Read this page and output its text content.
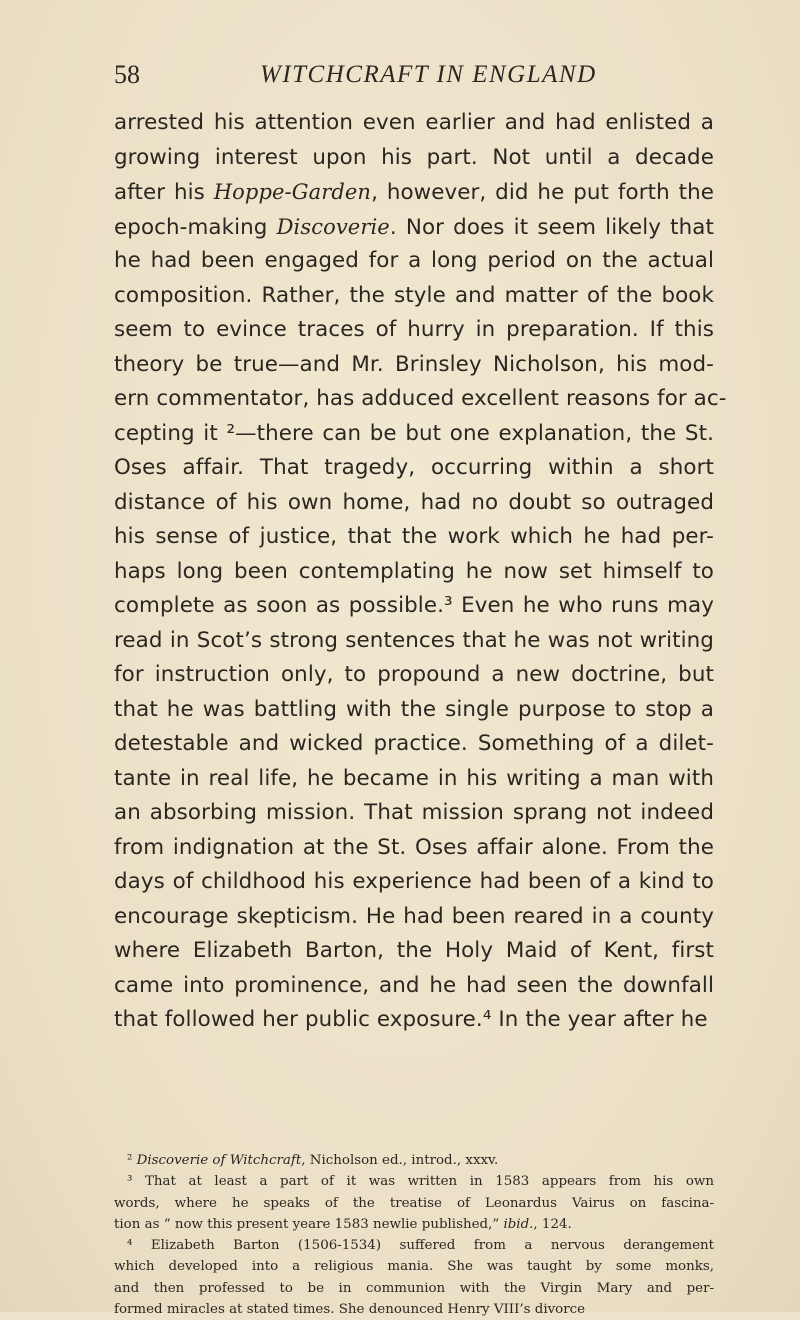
58	WITCHCRAFT IN ENGLAND
arrested his attention even earlier and had enlisted a
growing interest upon his part. Not until a decade
after his Hoppe-Garden, however, did he put forth the
epoch-making Discoverie. Nor does it seem likely that
he had been engaged for a long period on the actual
composition. Rather, the style and matter of the book
seem to evince traces of hurry in preparation. If this
theory be true—and Mr. Brinsley Nicholson, his mod-
ern commentator, has adduced excellent reasons for ac-
cepting it ²—there can be but one explanation, the St.
Oses affair. That tragedy, occurring within a short
distance of his own home, had no doubt so outraged
his sense of justice, that the work which he had per-
haps long been contemplating he now set himself to
complete as soon as possible.³ Even he who runs may
read in Scot’s strong sentences that he was not writing
for instruction only, to propound a new doctrine, but
that he was battling with the single purpose to stop a
detestable and wicked practice. Something of a dilet-
tante in real life, he became in his writing a man with
an absorbing mission. That mission sprang not indeed
from indignation at the St. Oses affair alone. From the
days of childhood his experience had been of a kind to
encourage skepticism. He had been reared in a county
where Elizabeth Barton, the Holy Maid of Kent, first
came into prominence, and he had seen the downfall
that followed her public exposure.⁴ In the year after he
² Discoverie of Witchcraft, Nicholson ed., introd., xxxv.
³ That at least a part of it was written in 1583 appears from his own
words, where he speaks of the treatise of Leonardus Vairus on fascina-
tion as “ now this present yeare 1583 newlie published,” ibid., 124.
⁴ Elizabeth Barton (1506-1534) suffered from a nervous derangement
which developed into a religious mania. She was taught by some monks,
and then professed to be in communion with the Virgin Mary and per-
formed miracles at stated times. She denounced Henry VIII’s divorce
